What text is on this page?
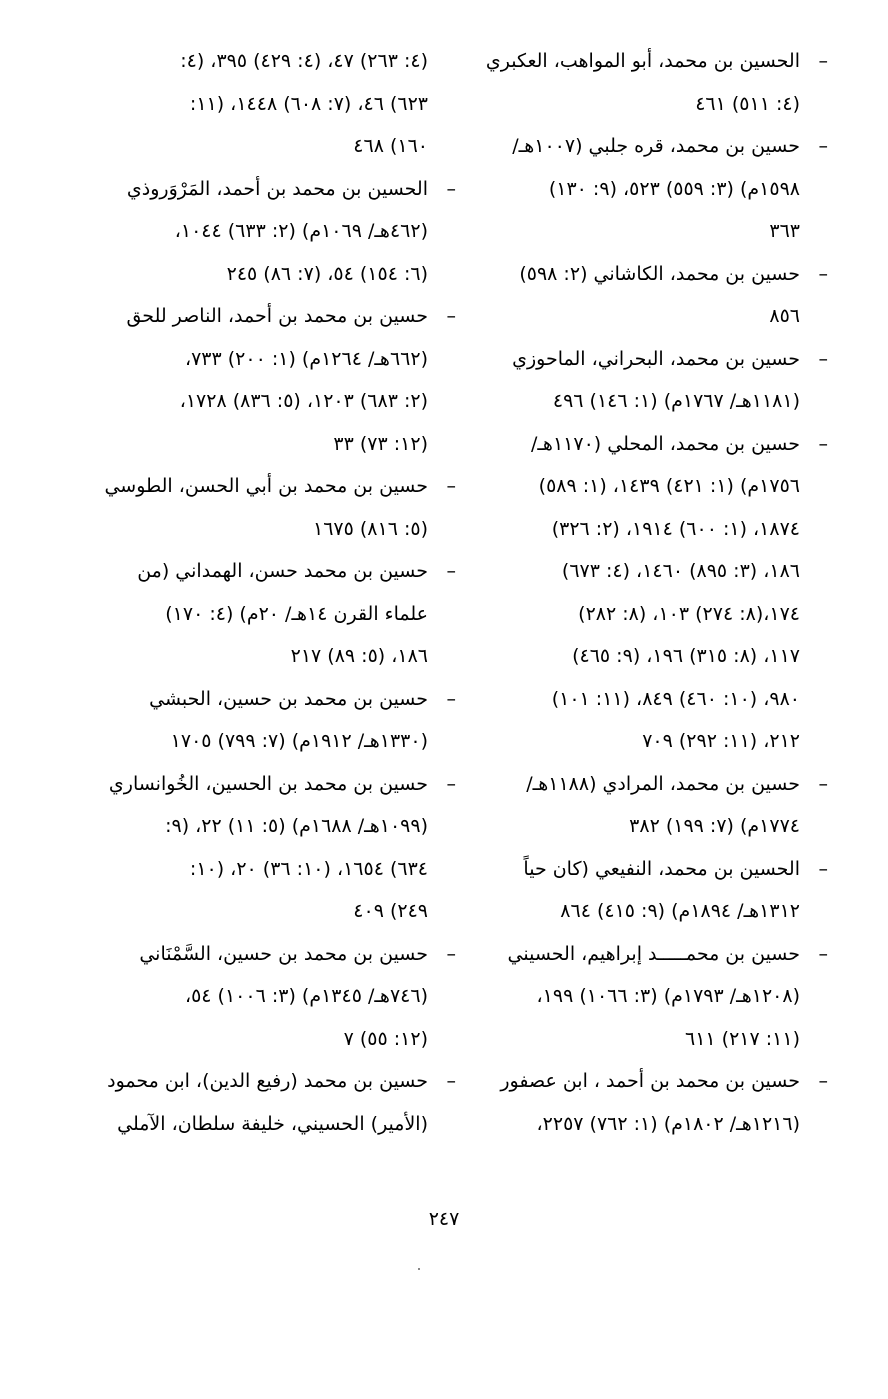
–
الحسين بن محمد، أبو المواهب، العكبري
(٤: ٥١١) ٤٦١
–
حسين بن محمد، قره جلبي (١٠٠٧هـ/
١٥٩٨م) (٣: ٥٥٩) ٥٢٣، (٩: ١٣٠)
٣٦٣
–
حسين بن محمد، الكاشاني (٢: ٥٩٨)
٨٥٦
–
حسين بن محمد، البحراني، الماحوزي
(١١٨١هـ/ ١٧٦٧م) (١: ١٤٦) ٤٩٦
–
حسين بن محمد، المحلي (١١٧٠هـ/
١٧٥٦م) (١: ٤٢١) ١٤٣٩، (١: ٥٨٩)
١٨٧٤، (١: ٦٠٠) ١٩١٤، (٢: ٣٢٦)
١٨٦، (٣: ٨٩٥) ١٤٦٠، (٤: ٦٧٣)
١٧٤،(٨: ٢٧٤) ١٠٣، (٨: ٢٨٢)
١١٧، (٨: ٣١٥) ١٩٦، (٩: ٤٦٥)
٩٨٠، (١٠: ٤٦٠) ٨٤٩، (١١: ١٠١)
٢١٢، (١١: ٢٩٢) ٧٠٩
–
حسين بن محمد، المرادي (١١٨٨هـ/
١٧٧٤م) (٧: ١٩٩) ٣٨٢
–
الحسين بن محمد، النفيعي (كان حياً
١٣١٢هـ/ ١٨٩٤م) (٩: ٤١٥) ٨٦٤
–
حسين بن محمـــــد إبراهيم، الحسيني
(١٢٠٨هـ/ ١٧٩٣م) (٣: ١٠٦٦) ١٩٩،
(١١: ٢١٧) ٦١١
–
حسين بن محمد بن أحمد ، ابن عصفور
(١٢١٦هـ/ ١٨٠٢م) (١: ٧٦٢) ٢٢٥٧،
(٤: ٢٦٣) ٤٧، (٤: ٤٢٩) ٣٩٥، (٤:
٦٢٣) ٤٦، (٧: ٦٠٨) ١٤٤٨، (١١:
١٦٠) ٤٦٨
–
الحسين بن محمد بن أحمد، المَرْوَروذي
(٤٦٢هـ/ ١٠٦٩م) (٢: ٦٣٣) ١٠٤٤،
(٦: ١٥٤) ٥٤، (٧: ٨٦) ٢٤٥
–
حسين بن محمد بن أحمد، الناصر للحق
(٦٦٢هـ/ ١٢٦٤م) (١: ٢٠٠) ٧٣٣،
(٢: ٦٨٣) ١٢٠٣، (٥: ٨٣٦) ١٧٢٨،
(١٢: ٧٣) ٣٣
–
حسين بن محمد بن أبي الحسن، الطوسي
(٥: ٨١٦) ١٦٧٥
–
حسين بن محمد حسن، الهمداني (من
علماء القرن ١٤هـ/ ٢٠م) (٤: ١٧٠)
١٨٦، (٥: ٨٩) ٢١٧
–
حسين بن محمد بن حسين، الحبشي
(١٣٣٠هـ/ ١٩١٢م) (٧: ٧٩٩) ١٧٠٥
–
حسين بن محمد بن الحسين، الخُوانساري
(١٠٩٩هـ/ ١٦٨٨م) (٥: ١١) ٢٢، (٩:
٦٣٤) ١٦٥٤، (١٠: ٣٦) ٢٠، (١٠:
٢٤٩) ٤٠٩
–
حسين بن محمد بن حسين، السَّمْنَاني
(٧٤٦هـ/ ١٣٤٥م) (٣: ١٠٠٦) ٥٤،
(١٢: ٥٥) ٧
–
حسين بن محمد (رفيع الدين)، ابن محمود
(الأمير) الحسيني، خليفة سلطان، الآملي
٢٤٧
